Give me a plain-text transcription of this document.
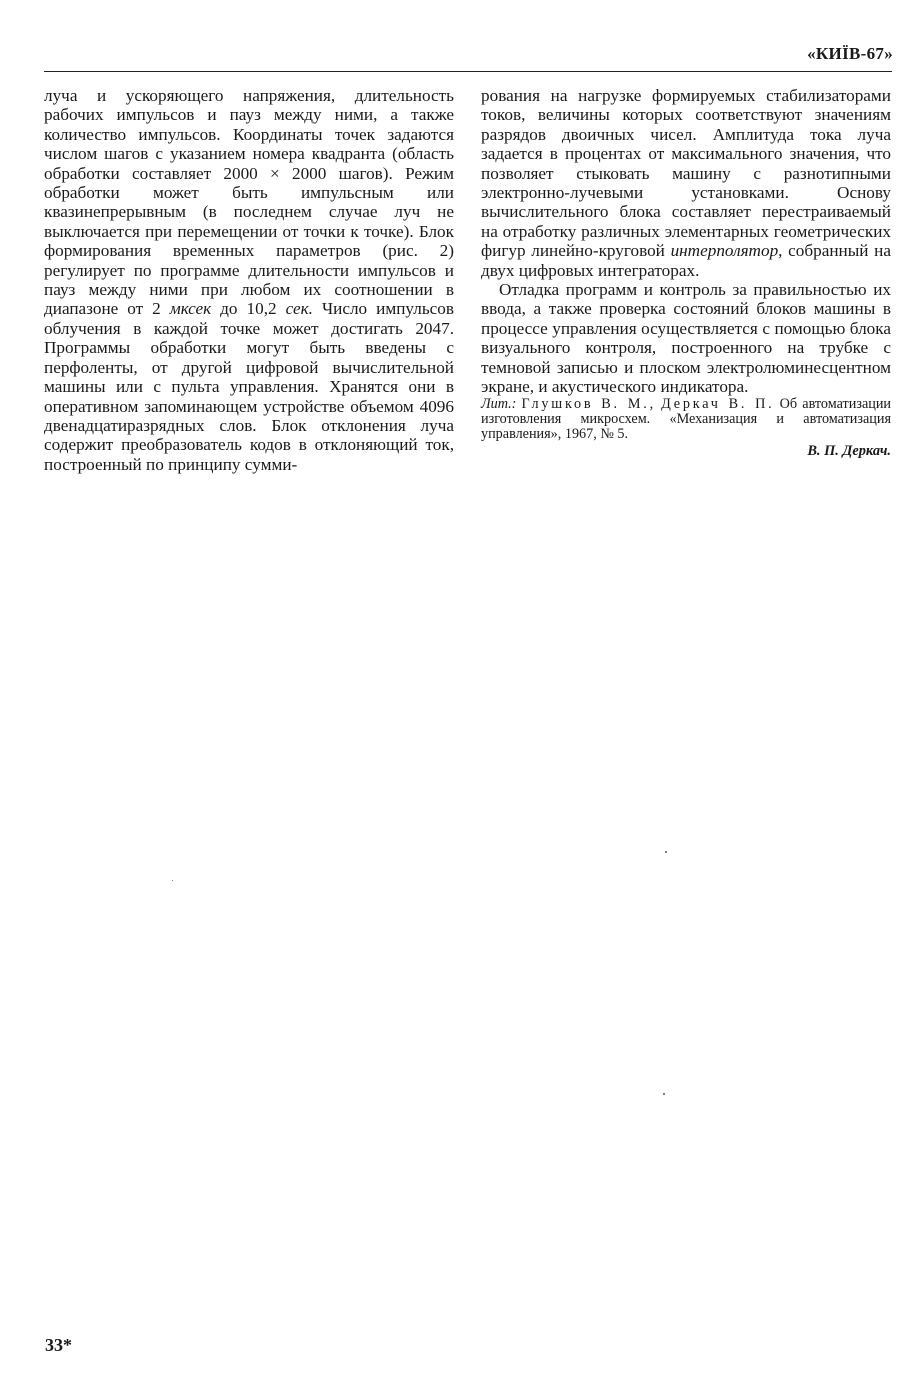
«КИЇВ-67»

луча и ускоряющего напряжения, длительность рабочих импульсов и пауз между ними, а также количество импульсов. Координаты точек задаются числом шагов с указанием номера квадранта (область обработки составляет 2000 × 2000 шагов). Режим обработки может быть импульсным или квазинепрерывным (в последнем случае луч не выключается при перемещении от точки к точке). Блок формирования временных параметров (рис. 2) регулирует по программе длительности импульсов и пауз между ними при любом их соотношении в диапазоне от 2 мксек до 10,2 сек. Число импульсов облучения в каждой точке может достигать 2047. Программы обработки могут быть введены с перфоленты, от другой цифровой вычислительной машины или с пульта управления. Хранятся они в оперативном запоминающем устройстве объемом 4096 двенадцатиразрядных слов. Блок отклонения луча содержит преобразователь кодов в отклоняющий ток, построенный по принципу сумми-

рования на нагрузке формируемых стабилизаторами токов, величины которых соответствуют значениям разрядов двоичных чисел. Амплитуда тока луча задается в процентах от максимального значения, что позволяет стыковать машину с разнотипными электронно-лучевыми установками. Основу вычислительного блока составляет перестраиваемый на отработку различных элементарных геометрических фигур линейно-круговой интерполятор, собранный на двух цифровых интеграторах.

Отладка программ и контроль за правильностью их ввода, а также проверка состояний блоков машины в процессе управления осуществляется с помощью блока визуального контроля, построенного на трубке с темновой записью и плоском электролюминесцентном экране, и акустического индикатора.

Лит.: Глушков В. М., Деркач В. П. Об автоматизации изготовления микросхем. «Механизация и автоматизация управления», 1967, № 5.

В. П. Деркач.

33*
